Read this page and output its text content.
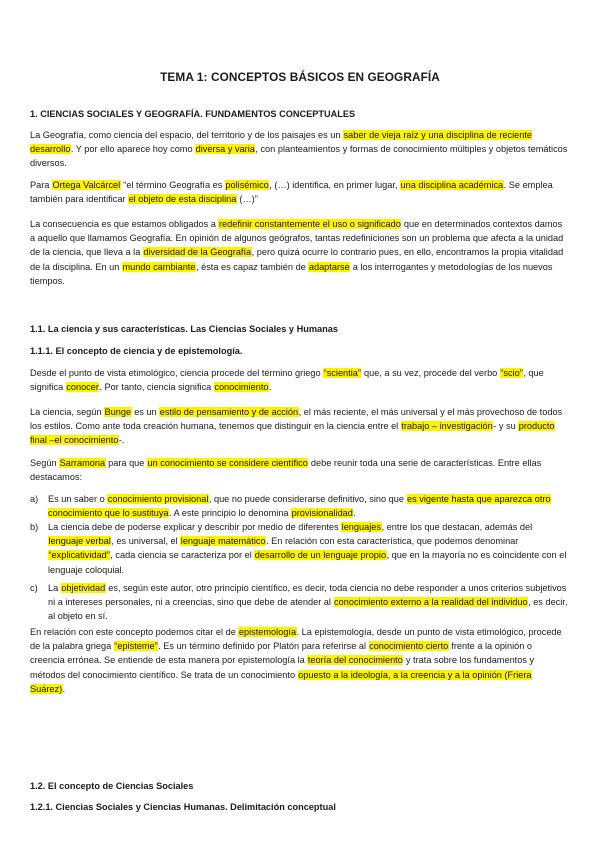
TEMA 1: CONCEPTOS BÁSICOS EN GEOGRAFÍA
1. CIENCIAS SOCIALES Y GEOGRAFÍA. FUNDAMENTOS CONCEPTUALES
La Geografía, como ciencia del espacio, del territorio y de los paisajes es un saber de vieja raíz y una disciplina de reciente desarrollo. Y por ello aparece hoy como diversa y varia, con planteamientos y formas de conocimiento múltiples y objetos temáticos diversos.
Para Ortega Valcárcel “el término Geografía es polisémico, (…) identifica, en primer lugar, una disciplina académica. Se emplea también para identificar el objeto de esta disciplina (…)”
La consecuencia es que estamos obligados a redefinir constantemente el uso o significado que en determinados contextos damos a aquello que llamamos Geografía. En opinión de algunos geógrafos, tantas redefiniciones son un problema que afecta a la unidad de la ciencia, que lleva a la diversidad de la Geografía, pero quizá ocurre lo contrario pues, en ello, encontramos la propia vitalidad de la disciplina. En un mundo cambiante, ésta es capaz también de adaptarse a los interrogantes y metodologías de los nuevos tiempos.
1.1. La ciencia y sus características. Las Ciencias Sociales y Humanas
1.1.1. El concepto de ciencia y de epistemología.
Desde el punto de vista etimológico, ciencia procede del término griego “scientia” que, a su vez, procede del verbo “scio”, que significa conocer. Por tanto, ciencia significa conocimiento.
La ciencia, según Bunge es un estilo de pensamiento y de acción, el más reciente, el más universal y el más provechoso de todos los estilos. Como ante toda creación humana, tenemos que distinguir en la ciencia entre el trabajo – investigación- y su producto final –el conocimiento-.
Según Sarramona para que un conocimiento se considere científico debe reunir toda una serie de características. Entre ellas destacamos:
a)	Es un saber o conocimiento provisional, que no puede considerarse definitivo, sino que es vigente hasta que aparezca otro conocimiento que lo sustituya. A este principio lo denomina provisionalidad.
b)	La ciencia debe de poderse explicar y describir por medio de diferentes lenguajes, entre los que destacan, además del lenguaje verbal, es universal, el lenguaje matemático. En relación con esta característica, que podemos denominar “explicatividad”, cada ciencia se caracteriza por el desarrollo de un lenguaje propio, que en la mayoría no es coincidente con el lenguaje coloquial.
c)	La objetividad es, según este autor, otro principio científico, es decir, toda ciencia no debe responder a unos criterios subjetivos ni a intereses personales, ni a creencias, sino que debe de atender al conocimiento externo a la realidad del individuo, es decir, al objeto en sí.
En relación con este concepto podemos citar el de epistemología. La epistemología, desde un punto de vista etimológico, procede de la palabra griega “episteme”. Es un término definido por Platón para referirse al conocimiento cierto frente a la opinión o creencia errónea. Se entiende de esta manera por epistemología la teoría del conocimiento y trata sobre los fundamentos y métodos del conocimiento científico. Se trata de un conocimiento opuesto a la ideología, a la creencia y a la opinión (Friera Suárez).
1.2. El concepto de Ciencias Sociales
1.2.1. Ciencias Sociales y Ciencias Humanas. Delimitación conceptual
